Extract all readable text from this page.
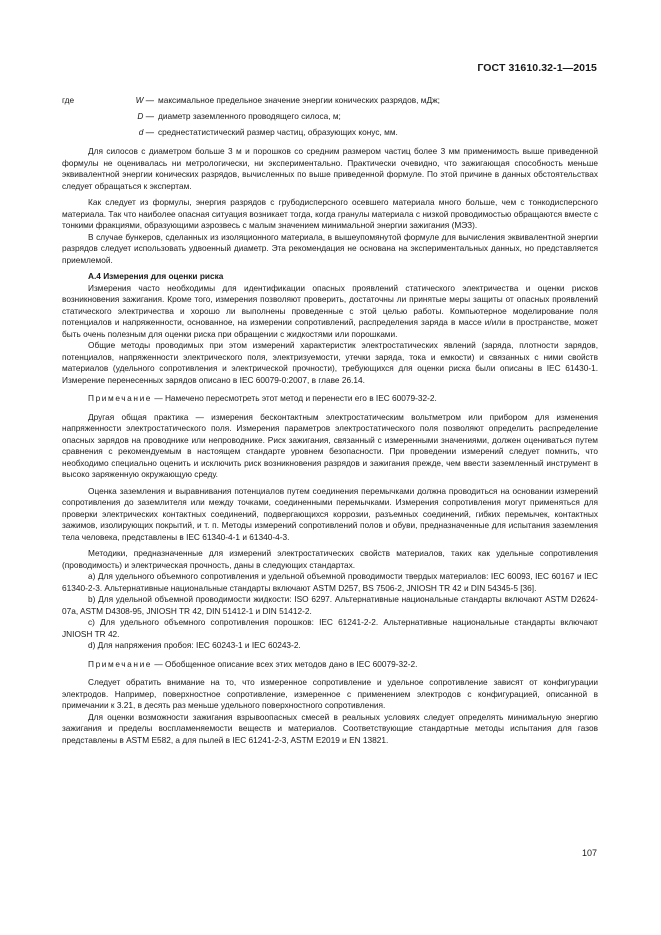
ГОСТ 31610.32-1—2015
где	W — максимальное предельное значение энергии конических разрядов, мДж;
D — диаметр заземленного проводящего силоса, м;
d — среднестатистический размер частиц, образующих конус, мм.

Для силосов с диаметром больше 3 м и порошков со средним размером частиц более 3 мм применимость выше приведенной формулы не оценивалась ни метрологически, ни экспериментально. Практически очевидно, что зажигающая способность меньше эквивалентной энергии конических разрядов, вычисленных по выше приведенной формуле. По этой причине в данных обстоятельствах следует обращаться к экспертам.

Как следует из формулы, энергия разрядов с грубодисперсного осевшего материала много больше, чем с тонкодисперсного материала. Так что наиболее опасная ситуация возникает тогда, когда гранулы материала с низкой проводимостью обращаются вместе с тонкими фракциями, образующими аэрозвесь с малым значением минимальной энергии зажигания (МЭЗ).

В случае бункеров, сделанных из изоляционного материала, в вышеупомянутой формуле для вычисления эквивалентной энергии разрядов следует использовать удвоенный диаметр. Эта рекомендация не основана на экспериментальных данных, но представляется приемлемой.

А.4 Измерения для оценки риска

Измерения часто необходимы для идентификации опасных проявлений статического электричества и оценки рисков возникновения зажигания. Кроме того, измерения позволяют проверить, достаточны ли принятые меры защиты от опасных проявлений статического электричества и хорошо ли выполнены проведенные с этой целью работы. Компьютерное моделирование поля потенциалов и напряженности, основанное, на измерении сопротивлений, распределения заряда в массе и/или в пространстве, может быть очень полезным для оценки риска при обращении с жидкостями или порошками.

Общие методы проводимых при этом измерений характеристик электростатических явлений (заряда, плотности зарядов, потенциалов, напряженности электрического поля, электризуемости, утечки заряда, тока и емкости) и связанных с ними свойств материалов (удельного сопротивления и электрической прочности), требующихся для оценки риска были описаны в IEC 61430-1. Измерение перенесенных зарядов описано в IEC 60079-0:2007, в главе 26.14.

Примечание — Намечено пересмотреть этот метод и перенести его в IEC 60079-32-2.

Другая общая практика — измерения бесконтактным электростатическим вольтметром или прибором для изменения напряженности электростатического поля. Измерения параметров электростатического поля позволяют определить распределение опасных зарядов на проводнике или непроводнике. Риск зажигания, связанный с измеренными значениями, должен оцениваться путем сравнения с рекомендуемым в настоящем стандарте уровнем безопасности. При проведении измерений следует помнить, что необходимо специально оценить и исключить риск возникновения разрядов и зажигания прежде, чем ввести заземленный инструмент в высоко заряженную окружающую среду.

Оценка заземления и выравнивания потенциалов путем соединения перемычками должна проводиться на основании измерений сопротивления до заземлителя или между точками, соединенными перемычками. Измерения сопротивления могут применяться для проверки электрических контактных соединений, подвергающихся коррозии, разъемных соединений, гибких перемычек, контактных зажимов, изолирующих покрытий, и т. п. Методы измерений сопротивлений полов и обуви, предназначенные для испытания заземления тела человека, представлены в IEC 61340-4-1 и 61340-4-3.

Методики, предназначенные для измерений электростатических свойств материалов, таких как удельные сопротивления (проводимость) и электрическая прочность, даны в следующих стандартах.

a) Для удельного объемного сопротивления и удельной объемной проводимости твердых материалов: IEC 60093, IEC 60167 и IEC 61340-2-3. Альтернативные национальные стандарты включают ASTM D257, BS 7506-2, JNIOSH TR 42 и DIN 54345-5 [36].

b) Для удельной объемной проводимости жидкости: ISO 6297. Альтернативные национальные стандарты включают ASTM D2624-07a, ASTM D4308-95, JNIOSH TR 42, DIN 51412-1 и DIN 51412-2.

c) Для удельного объемного сопротивления порошков: IEC 61241-2-2. Альтернативные национальные стандарты включают JNIOSH TR 42.

d) Для напряжения пробоя: IEC 60243-1 и IEC 60243-2.

Примечание — Обобщенное описание всех этих методов дано в IEC 60079-32-2.

Следует обратить внимание на то, что измеренное сопротивление и удельное сопротивление зависят от конфигурации электродов. Например, поверхностное сопротивление, измеренное с применением электродов с конфигурацией, описанной в примечании к 3.21, в десять раз меньше удельного поверхностного сопротивления.

Для оценки возможности зажигания взрывоопасных смесей в реальных условиях следует определять минимальную энергию зажигания и пределы воспламеняемости веществ и материалов. Соответствующие стандартные методы испытания для газов представлены в ASTM E582, а для пылей в IEC 61241-2-3, ASTM E2019 и EN 13821.

107
